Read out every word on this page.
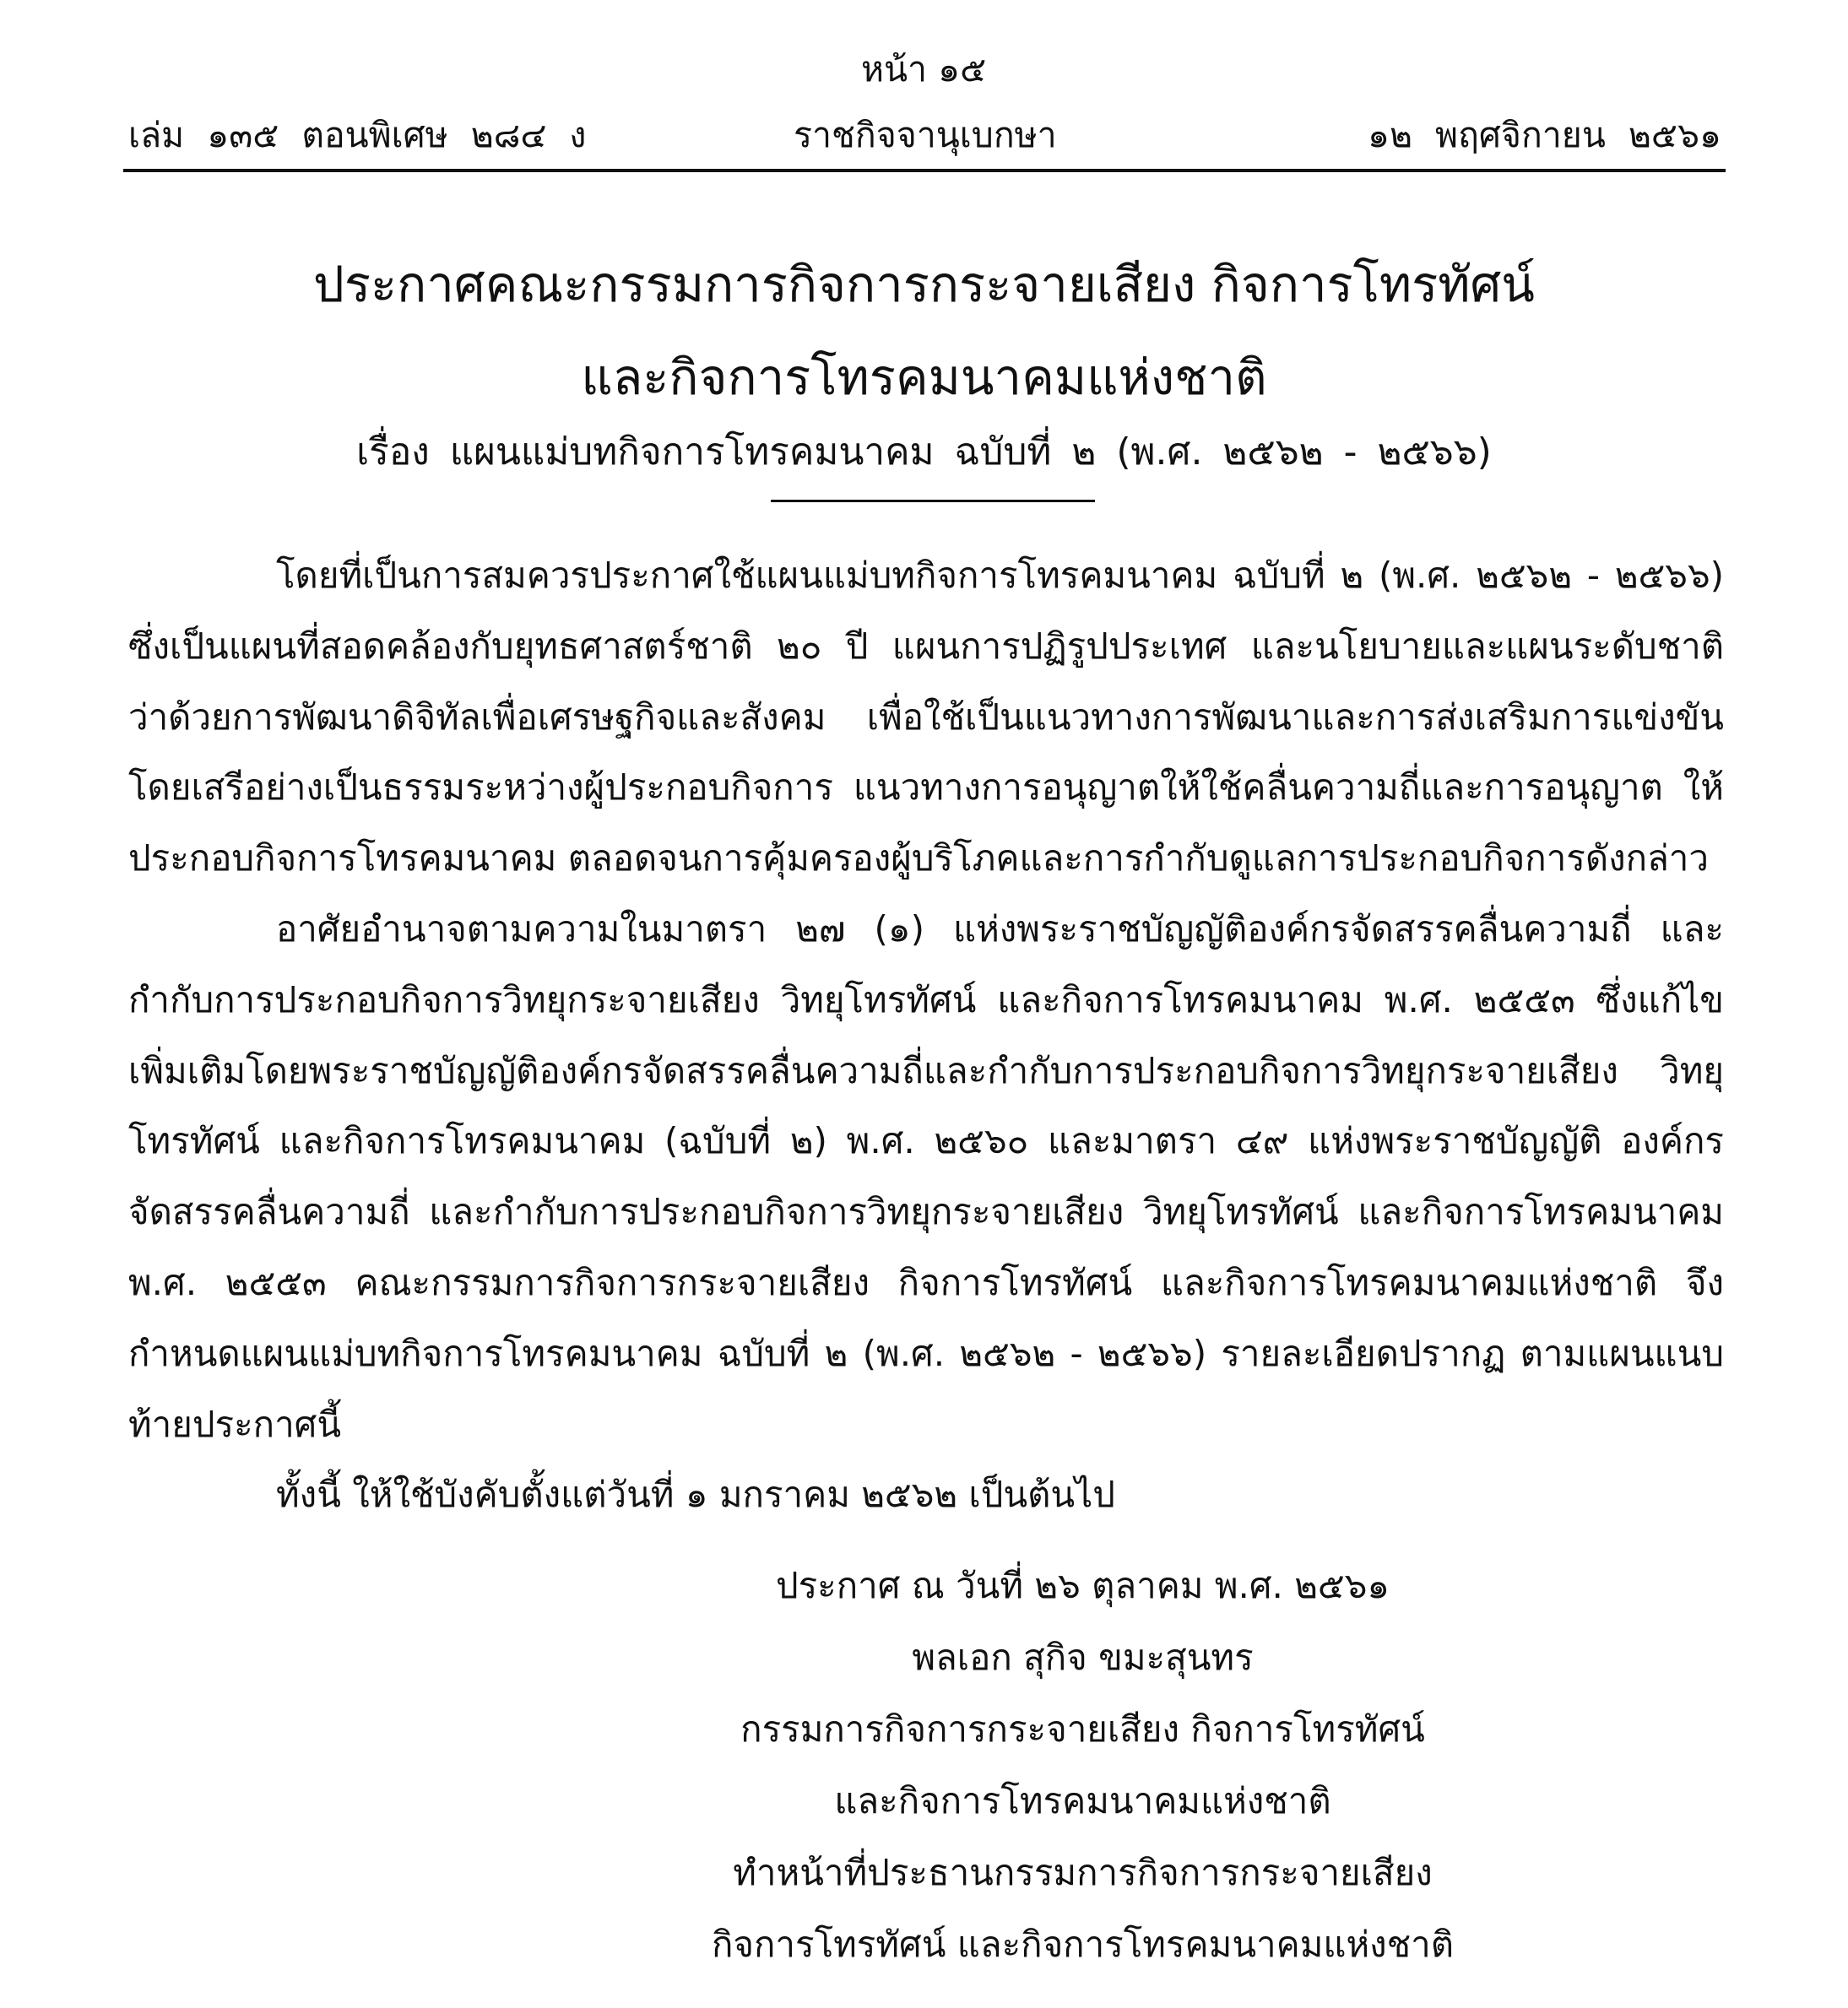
หน้า ๑๕
เล่ม ๑๓๕ ตอนพิเศษ ๒๘๔ ง	ราชกิจจานุเบกษา	๑๒ พฤศจิกายน ๒๕๖๑
ประกาศคณะกรรมการกิจการกระจายเสียง กิจการโทรทัศน์
และกิจการโทรคมนาคมแห่งชาติ
เรื่อง แผนแม่บทกิจการโทรคมนาคม ฉบับที่ ๒ (พ.ศ. ๒๕๖๒ - ๒๕๖๖)

โดยที่เป็นการสมควรประกาศใช้แผนแม่บทกิจการโทรคมนาคม ฉบับที่ ๒ (พ.ศ. ๒๕๖๒ - ๒๕๖๖) ซึ่งเป็นแผนที่สอดคล้องกับยุทธศาสตร์ชาติ ๒๐ ปี แผนการปฏิรูปประเทศ และนโยบายและแผนระดับชาติ ว่าด้วยการพัฒนาดิจิทัลเพื่อเศรษฐกิจและสังคม เพื่อใช้เป็นแนวทางการพัฒนาและการส่งเสริมการแข่งขัน โดยเสรีอย่างเป็นธรรมระหว่างผู้ประกอบกิจการ แนวทางการอนุญาตให้ใช้คลื่นความถี่และการอนุญาต ให้ประกอบกิจการโทรคมนาคม ตลอดจนการคุ้มครองผู้บริโภคและการกำกับดูแลการประกอบกิจการดังกล่าว

อาศัยอำนาจตามความในมาตรา ๒๗ (๑) แห่งพระราชบัญญัติองค์กรจัดสรรคลื่นความถี่ และกำกับการประกอบกิจการวิทยุกระจายเสียง วิทยุโทรทัศน์ และกิจการโทรคมนาคม พ.ศ. ๒๕๕๓ ซึ่งแก้ไขเพิ่มเติมโดยพระราชบัญญัติองค์กรจัดสรรคลื่นความถี่และกำกับการประกอบกิจการวิทยุกระจายเสียง วิทยุโทรทัศน์ และกิจการโทรคมนาคม (ฉบับที่ ๒) พ.ศ. ๒๕๖๐ และมาตรา ๔๙ แห่งพระราชบัญญัติ องค์กรจัดสรรคลื่นความถี่ และกำกับการประกอบกิจการวิทยุกระจายเสียง วิทยุโทรทัศน์ และกิจการโทรคมนาคม พ.ศ. ๒๕๕๓ คณะกรรมการกิจการกระจายเสียง กิจการโทรทัศน์ และกิจการโทรคมนาคมแห่งชาติ จึงกำหนดแผนแม่บทกิจการโทรคมนาคม ฉบับที่ ๒ (พ.ศ. ๒๕๖๒ - ๒๕๖๖) รายละเอียดปรากฏ ตามแผนแนบท้ายประกาศนี้

ทั้งนี้ ให้ใช้บังคับตั้งแต่วันที่ ๑ มกราคม ๒๕๖๒ เป็นต้นไป

ประกาศ ณ วันที่ ๒๖ ตุลาคม พ.ศ. ๒๕๖๑
พลเอก สุกิจ ขมะสุนทร
กรรมการกิจการกระจายเสียง กิจการโทรทัศน์
และกิจการโทรคมนาคมแห่งชาติ
ทำหน้าที่ประธานกรรมการกิจการกระจายเสียง
กิจการโทรทัศน์ และกิจการโทรคมนาคมแห่งชาติ
